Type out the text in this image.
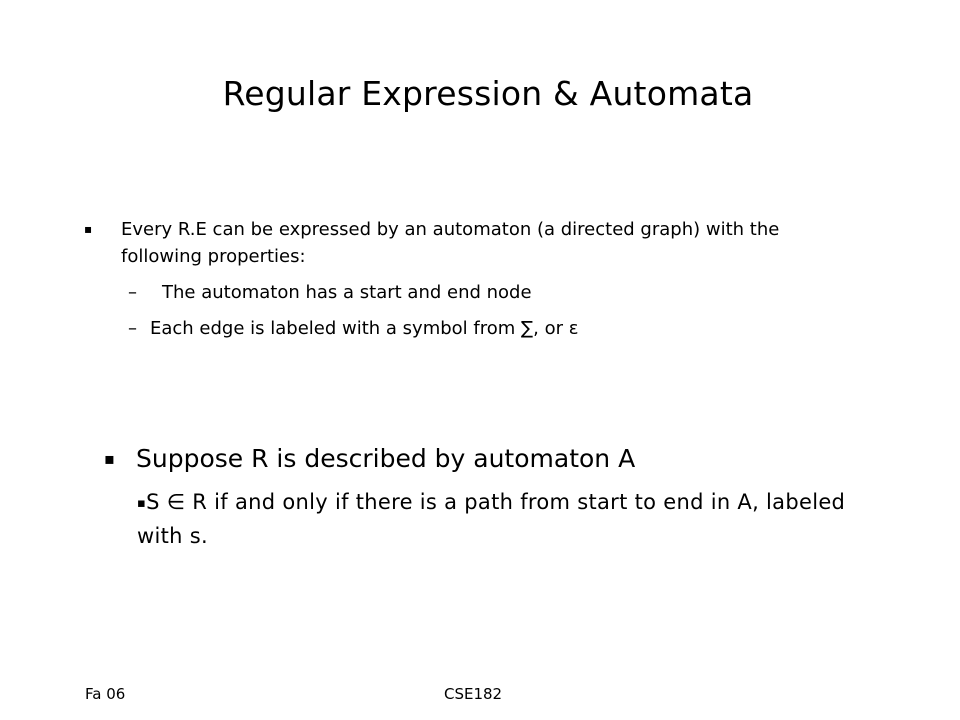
Regular Expression & Automata
▪ Every R.E can be expressed by an automaton (a directed graph) with the following properties:
– The automaton has a start and end node
– Each edge is labeled with a symbol from ∑, or ε
▪ Suppose R is described by automaton A
▪S ∈ R if and only if there is a path from start to end in A, labeled with s.
Fa 06	CSE182
